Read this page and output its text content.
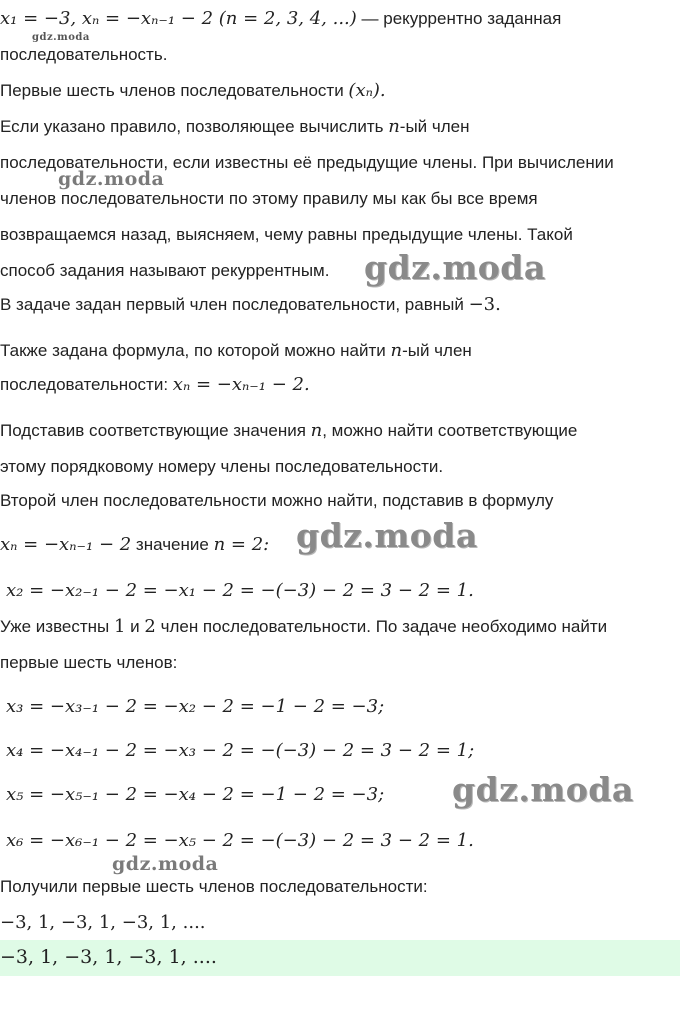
x₁ = −3, xₙ = −xₙ₋₁ − 2 (n = 2, 3, 4, ...) — рекуррентно заданная
gdz.moda
последовательность.
Первые шесть членов последовательности (xₙ).
Если указано правило, позволяющее вычислить n-ый член
последовательности, если известны её предыдущие члены. При вычислении
gdz.moda
членов последовательности по этому правилу мы как бы все время
возвращаемся назад, выясняем, чему равны предыдущие члены. Такой
способ задания называют рекуррентным. gdz.moda
В задаче задан первый член последовательности, равный −3.
Также задана формула, по которой можно найти n-ый член
последовательности: xₙ = −xₙ₋₁ − 2.
Подставив соответствующие значения n, можно найти соответствующие
этому порядковому номеру члены последовательности.
Второй член последовательности можно найти, подставив в формулу
xₙ = −xₙ₋₁ − 2 значение n = 2: gdz.moda
x₂ = −x₂₋₁ − 2 = −x₁ − 2 = −(−3) − 2 = 3 − 2 = 1.
Уже известны 1 и 2 член последовательности. По задаче необходимо найти
первые шесть членов:
x₃ = −x₃₋₁ − 2 = −x₂ − 2 = −1 − 2 = −3;
x₄ = −x₄₋₁ − 2 = −x₃ − 2 = −(−3) − 2 = 3 − 2 = 1;
x₅ = −x₅₋₁ − 2 = −x₄ − 2 = −1 − 2 = −3; gdz.moda
x₆ = −x₆₋₁ − 2 = −x₅ − 2 = −(−3) − 2 = 3 − 2 = 1.
gdz.moda
Получили первые шесть членов последовательности:
−3, 1, −3, 1, −3, 1, ....
−3, 1, −3, 1, −3, 1, ....
